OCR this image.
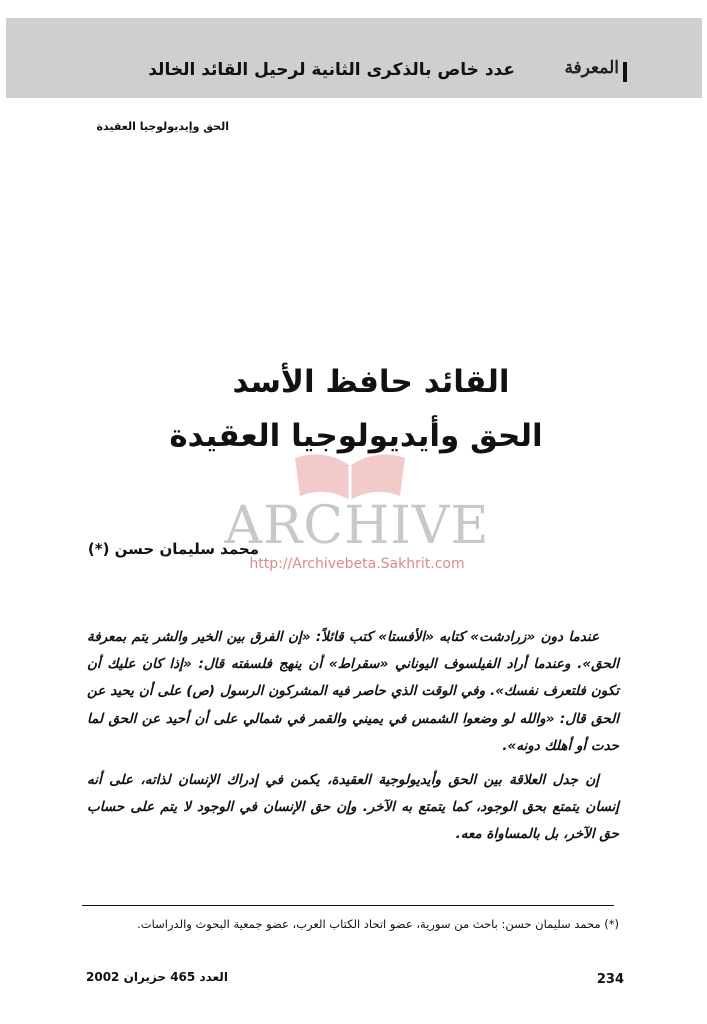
عدد خاص بالذكرى الثانية لرحيل القائد الخالد	المعرفة
الحق وإيديولوجيا العقيدة
القائد حافظ الأسد
الحق وأيديولوجيا العقيدة
ARCHIVE
http://Archivebeta.Sakhrit.com
محمد سليمان حسن (*)

عندما دون «زرادشت» كتابه «الأفستا» كتب قائلاً: «إن الفرق بين الخير والشر يتم بمعرفة الحق». وعندما أراد الفيلسوف اليوناني «سقراط» أن ينهج فلسفته قال: «إذا كان عليك أن تكون فلتعرف نفسك». وفي الوقت الذي حاصر فيه المشركون الرسول (ص) على أن يحيد عن الحق قال: «والله لو وضعوا الشمس في يميني والقمر في شمالي على أن أحيد عن الحق لما حدت أو أهلك دونه».

إن جدل العلاقة بين الحق وأيديولوجية العقيدة، يكمن في إدراك الإنسان لذاته، على أنه إنسان يتمتع بحق الوجود، كما يتمتع به الآخر. وإن حق الإنسان في الوجود لا يتم على حساب حق الآخر، بل بالمساواة معه.

(*) محمد سليمان حسن: باحث من سورية، عضو اتحاد الكتاب العرب، عضو جمعية البحوث والدراسات.
234
العدد 465 حزيران 2002
